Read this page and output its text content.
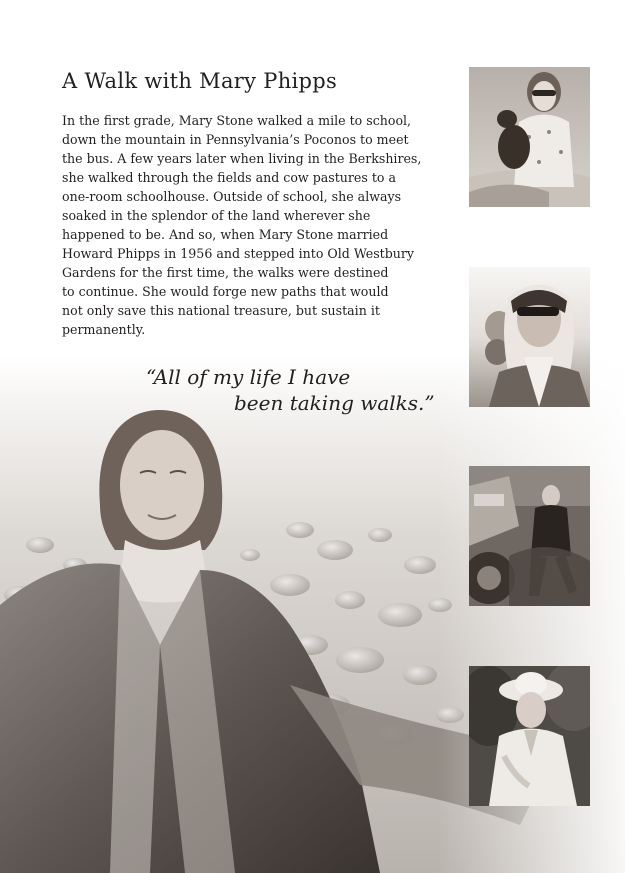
A Walk with Mary Phipps

In the first grade, Mary Stone walked a mile to school,
down the mountain in Pennsylvania’s Poconos to meet
the bus. A few years later when living in the Berkshires,
she walked through the fields and cow pastures to a
one-room schoolhouse. Outside of school, she always
soaked in the splendor of the land wherever she
happened to be. And so, when Mary Stone married
Howard Phipps in 1956 and stepped into Old Westbury
Gardens for the first time, the walks were destined
to continue. She would forge new paths that would
not only save this national treasure, but sustain it
permanently.

“All of my life I have

been taking walks.”
